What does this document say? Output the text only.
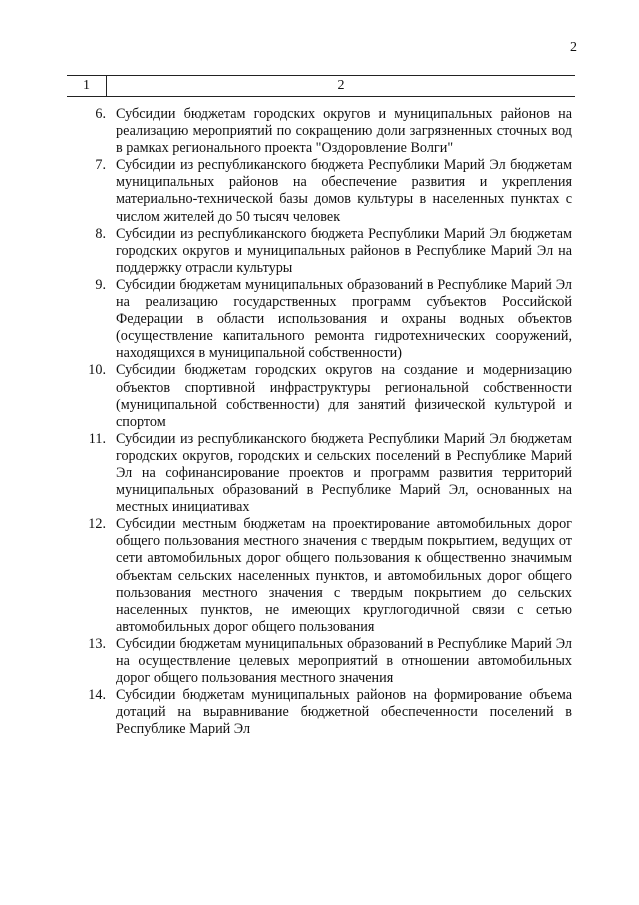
2
1	2
6. Субсидии бюджетам городских округов и муниципальных районов на реализацию мероприятий по сокращению доли загрязненных сточных вод в рамках регионального проекта "Оздоровление Волги"
7. Субсидии из республиканского бюджета Республики Марий Эл бюджетам муниципальных районов на обеспечение развития и укрепления материально-технической базы домов культуры в населенных пунктах с числом жителей до 50 тысяч человек
8. Субсидии из республиканского бюджета Республики Марий Эл бюджетам городских округов и муниципальных районов в Республике Марий Эл на поддержку отрасли культуры
9. Субсидии бюджетам муниципальных образований в Республике Марий Эл на реализацию государственных программ субъектов Российской Федерации в области использования и охраны водных объектов (осуществление капитального ремонта гидротехнических сооружений, находящихся в муниципальной собственности)
10. Субсидии бюджетам городских округов на создание и модернизацию объектов спортивной инфраструктуры региональной собственности (муниципальной собственности) для занятий физической культурой и спортом
11. Субсидии из республиканского бюджета Республики Марий Эл бюджетам городских округов, городских и сельских поселений в Республике Марий Эл на софинансирование проектов и программ развития территорий муниципальных образований в Республике Марий Эл, основанных на местных инициативах
12. Субсидии местным бюджетам на проектирование автомобильных дорог общего пользования местного значения с твердым покрытием, ведущих от сети автомобильных дорог общего пользования к общественно значимым объектам сельских населенных пунктов, и автомобильных дорог общего пользования местного значения с твердым покрытием до сельских населенных пунктов, не имеющих круглогодичной связи с сетью автомобильных дорог общего пользования
13. Субсидии бюджетам муниципальных образований в Республике Марий Эл на осуществление целевых мероприятий в отношении автомобильных дорог общего пользования местного значения
14. Субсидии бюджетам муниципальных районов на формирование объема дотаций на выравнивание бюджетной обеспеченности поселений в Республике Марий Эл
